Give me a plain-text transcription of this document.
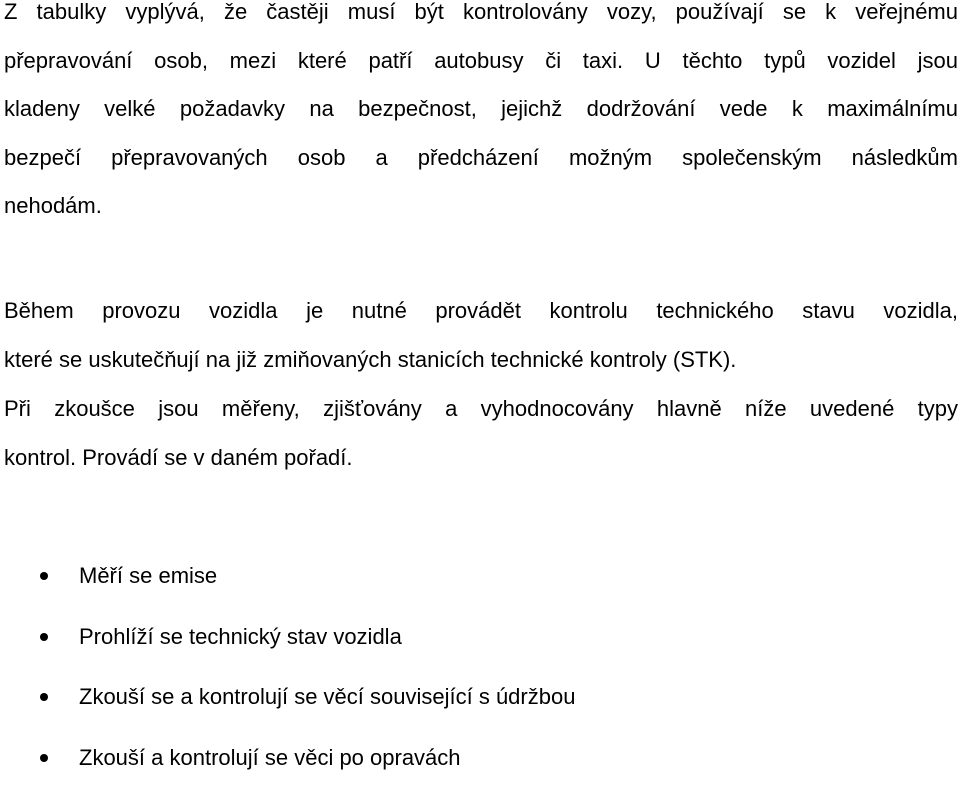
Z tabulky vyplývá, že častěji musí být kontrolovány vozy, používají se k veřejnému
přepravování osob, mezi které patří autobusy či taxi. U těchto typů vozidel jsou
kladeny velké požadavky na bezpečnost, jejichž dodržování vede k maximálnímu
bezpečí přepravovaných osob a předcházení možným společenským následkům
nehodám.
Během provozu vozidla je nutné provádět kontrolu technického stavu vozidla,
které se uskutečňují na již zmiňovaných stanicích technické kontroly (STK).
Při zkoušce jsou měřeny, zjišťovány a vyhodnocovány hlavně níže uvedené typy
kontrol. Provádí se v daném pořadí.
Měří se emise
Prohlíží se technický stav vozidla
Zkouší se a kontrolují se věcí související s údržbou
Zkouší a kontrolují se věci po opravách
